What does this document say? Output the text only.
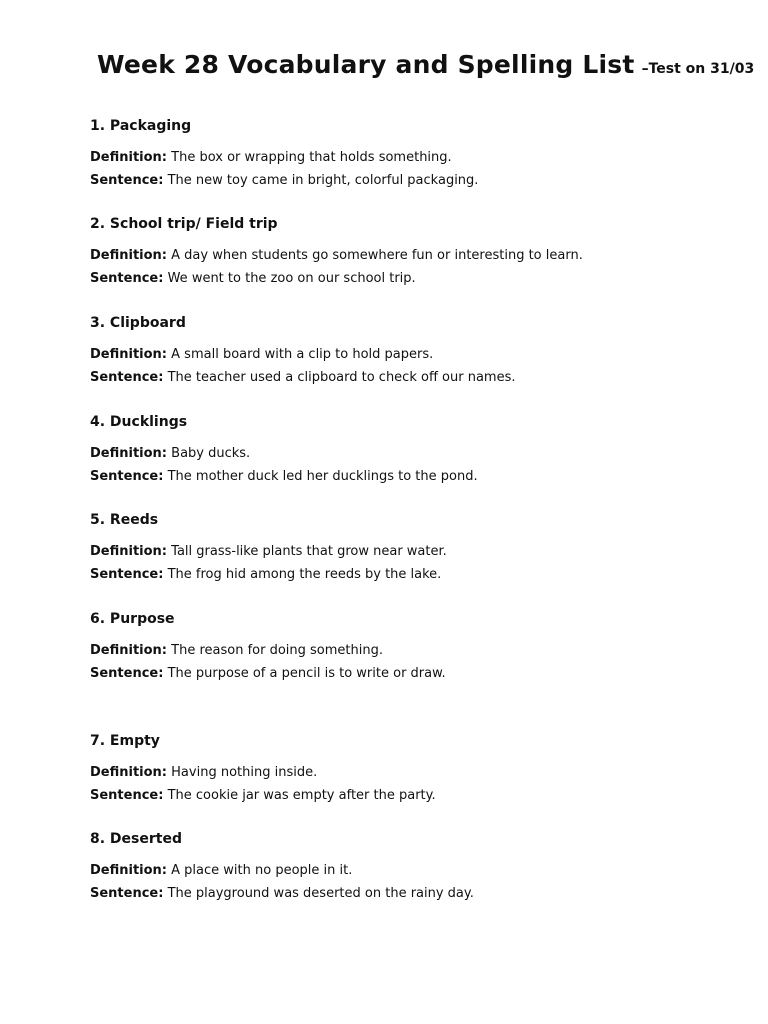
Week 28 Vocabulary and Spelling List –Test on 31/03
1. Packaging
Definition: The box or wrapping that holds something.
Sentence: The new toy came in bright, colorful packaging.
2. School trip/ Field trip
Definition: A day when students go somewhere fun or interesting to learn.
Sentence: We went to the zoo on our school trip.
3. Clipboard
Definition: A small board with a clip to hold papers.
Sentence: The teacher used a clipboard to check off our names.
4. Ducklings
Definition: Baby ducks.
Sentence: The mother duck led her ducklings to the pond.
5. Reeds
Definition: Tall grass-like plants that grow near water.
Sentence: The frog hid among the reeds by the lake.
6. Purpose
Definition: The reason for doing something.
Sentence: The purpose of a pencil is to write or draw.
7. Empty
Definition: Having nothing inside.
Sentence: The cookie jar was empty after the party.
8. Deserted
Definition: A place with no people in it.
Sentence: The playground was deserted on the rainy day.
